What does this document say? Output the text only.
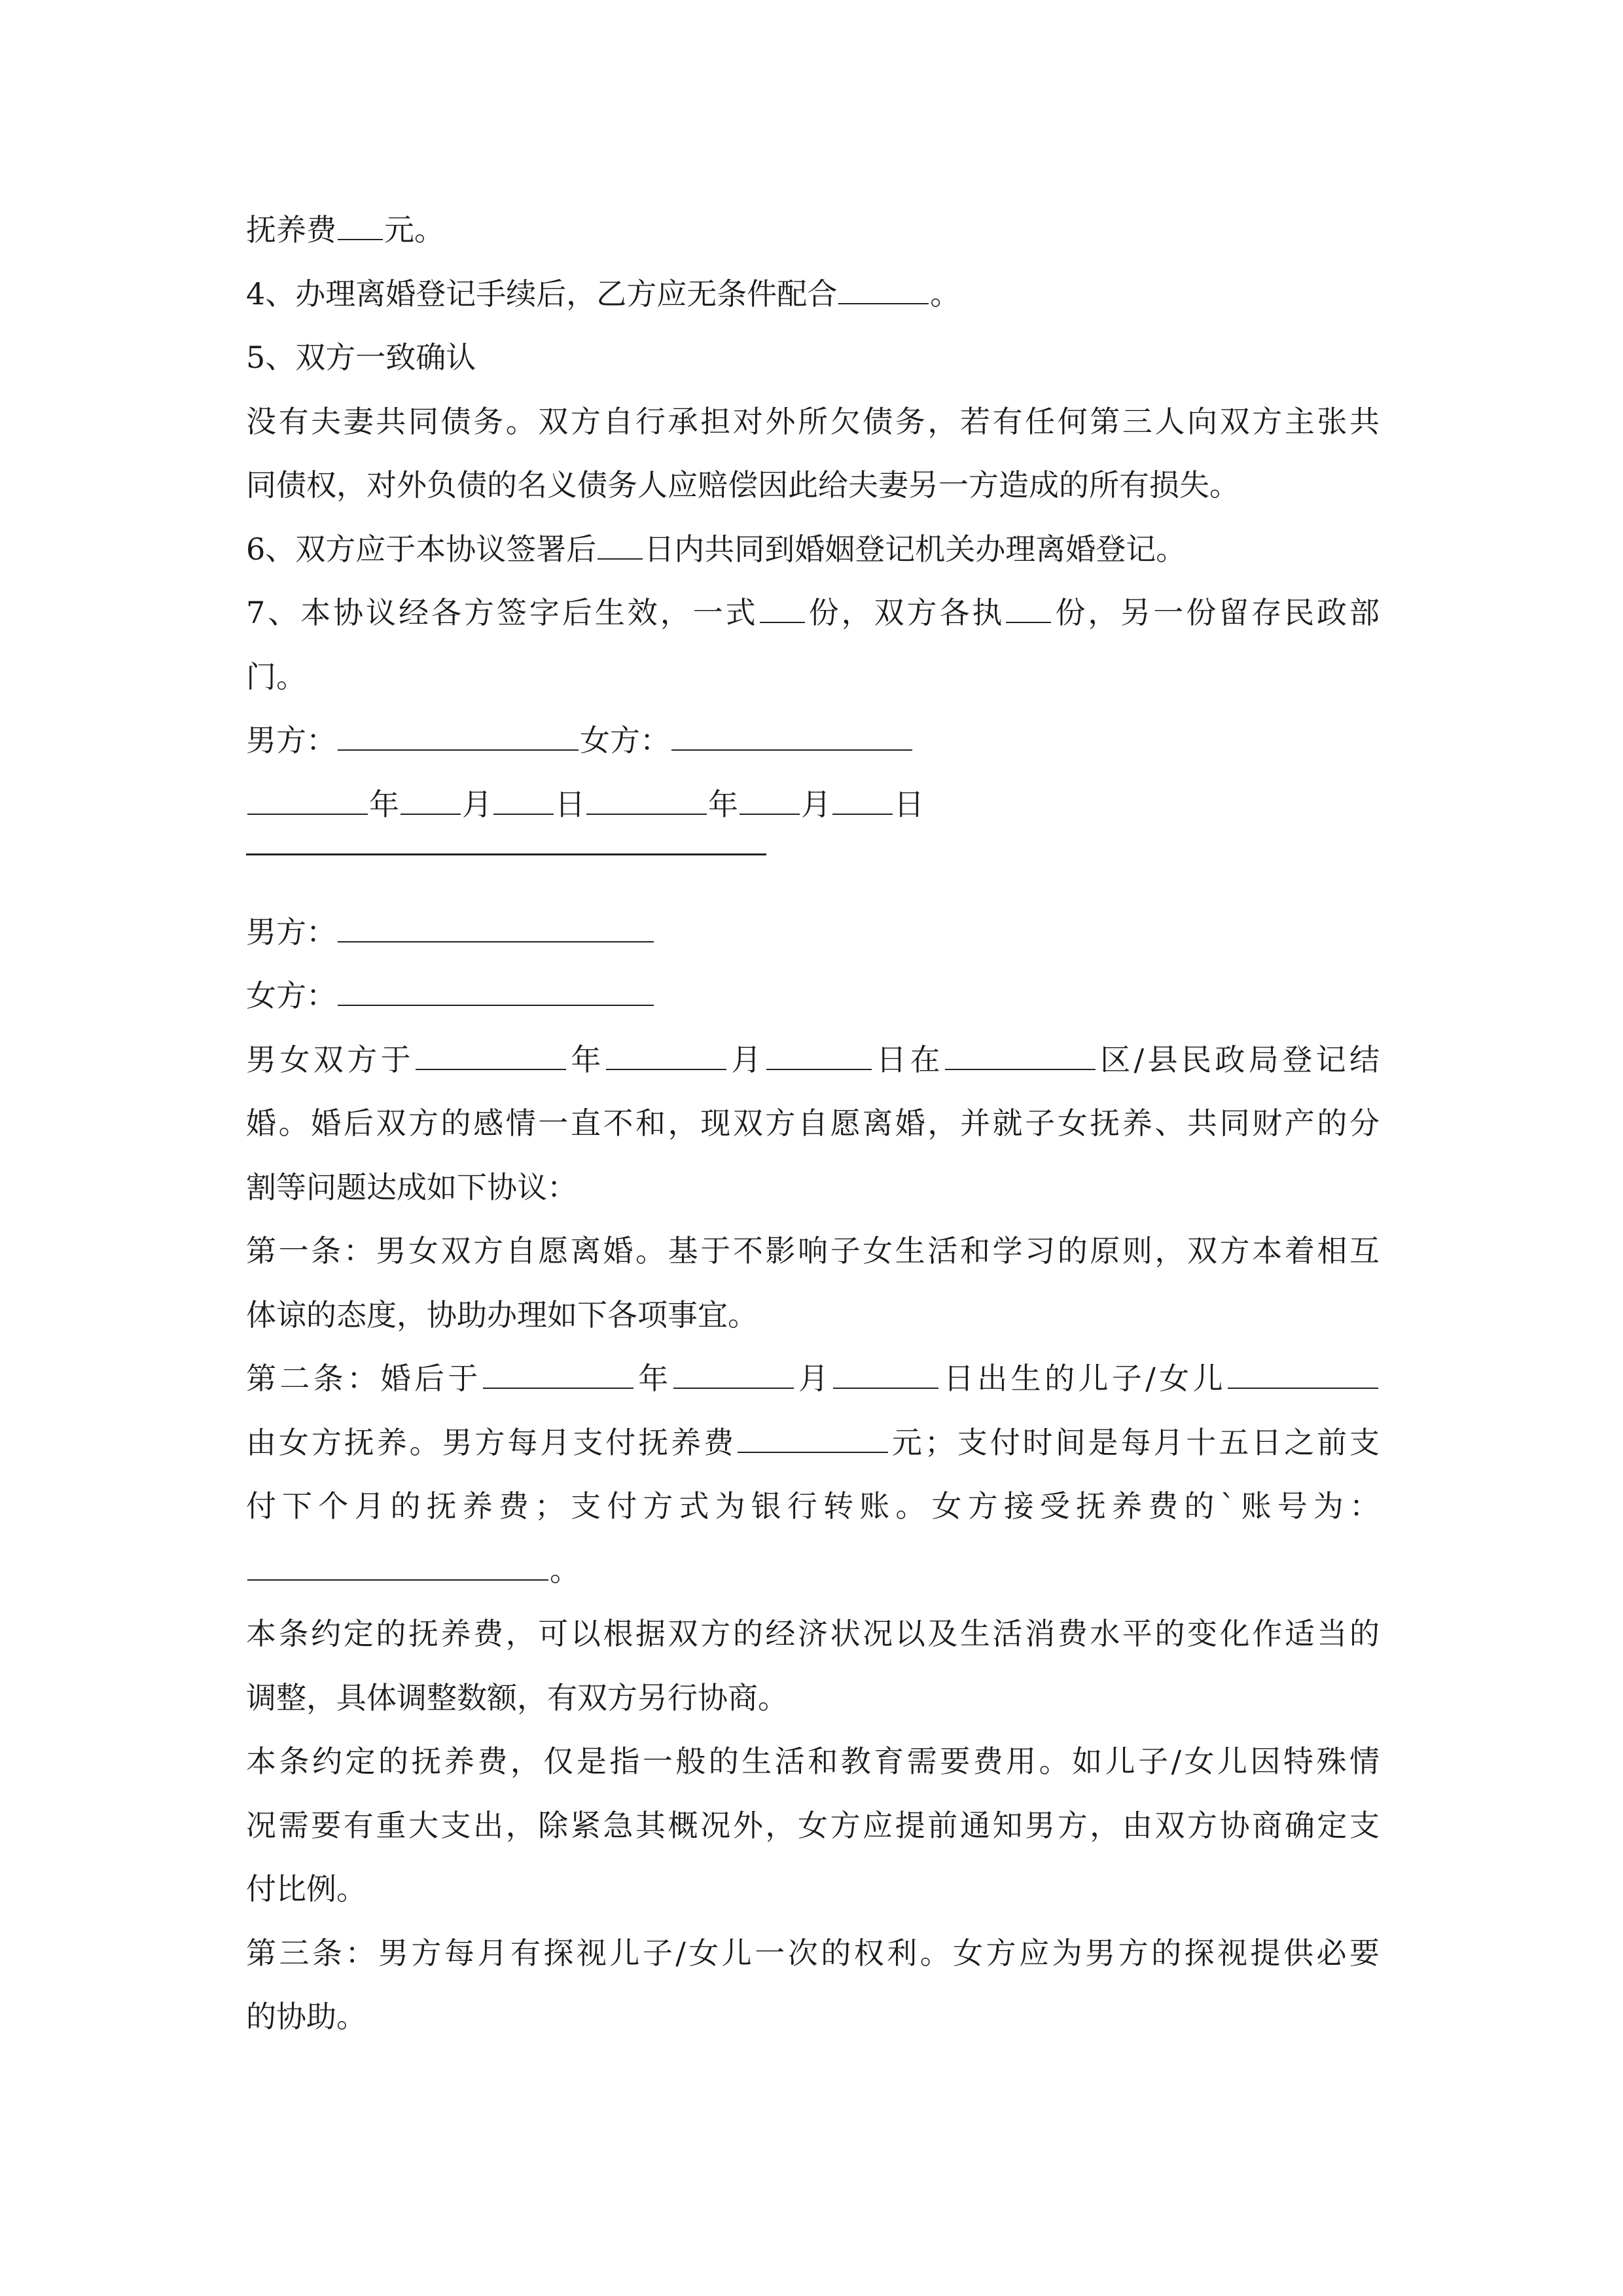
抚养费 元。
4、办理离婚登记手续后，乙方应无条件配合	。
5、双方一致确认
没有夫妻共同债务。双方自行承担对外所欠债务，若有任何第三人向双方主张共
同债权，对外负债的名义债务人应赔偿因此给夫妻另一方造成的所有损失。
6、双方应于本协议签署后 日内共同到婚姻登记机关办理离婚登记。
7、本协议经各方签字后生效，一式 份，双方各执 份，另一份留存民政部
门。
男方：	女方：
年 月 日	年 月 日
男方：
女方：
男女双方于	年	月	日在	区/县民政局登记结
婚。婚后双方的感情一直不和，现双方自愿离婚，并就子女抚养、共同财产的分
割等问题达成如下协议：
第一条：男女双方自愿离婚。基于不影响子女生活和学习的原则，双方本着相互
体谅的态度，协助办理如下各项事宜。
第二条：婚后于	年	月	日出生的儿子/女儿
由女方抚养。男方每月支付抚养费	元；支付时间是每月十五日之前支
付下个月的抚养费；支付方式为银行转账。女方接受抚养费的`账号为：
。
本条约定的抚养费，可以根据双方的经济状况以及生活消费水平的变化作适当的
调整，具体调整数额，有双方另行协商。
本条约定的抚养费，仅是指一般的生活和教育需要费用。如儿子/女儿因特殊情
况需要有重大支出，除紧急其概况外，女方应提前通知男方，由双方协商确定支
付比例。
第三条：男方每月有探视儿子/女儿一次的权利。女方应为男方的探视提供必要
的协助。
